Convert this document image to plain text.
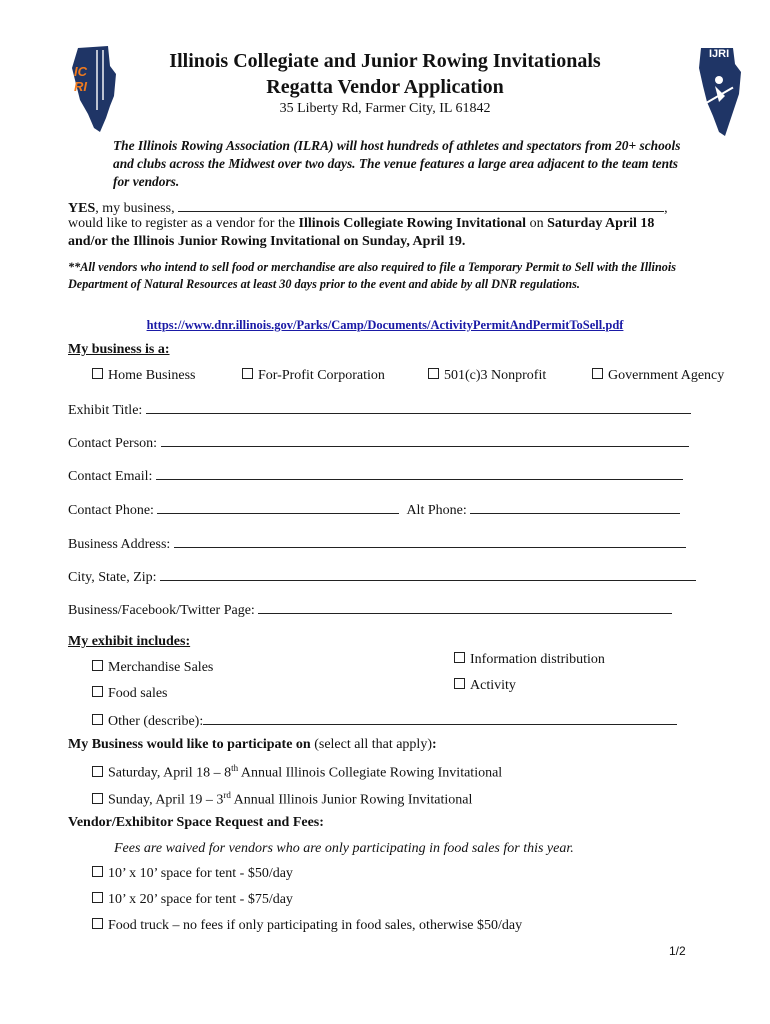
ICRI
IJRI
Illinois Collegiate and Junior Rowing Invitationals
Regatta Vendor Application
35 Liberty Rd, Farmer City, IL 61842
The Illinois Rowing Association (ILRA) will host hundreds of athletes and spectators from 20+ schools and clubs across the Midwest over two days. The venue features a large area adjacent to the team tents for vendors.
YES, my business,	,
would like to register as a vendor for the Illinois Collegiate Rowing Invitational on Saturday April 18
and/or the Illinois Junior Rowing Invitational on Sunday, April 19.
**All vendors who intend to sell food or merchandise are also required to file a Temporary Permit to Sell with the Illinois Department of Natural Resources at least 30 days prior to the event and abide by all DNR regulations.
https://www.dnr.illinois.gov/Parks/Camp/Documents/ActivityPermitAndPermitToSell.pdf
My business is a:
Home Business	For-Profit Corporation	501(c)3 Nonprofit	Government Agency
Exhibit Title:
Contact Person:
Contact Email:
Contact Phone:	Alt Phone:
Business Address:
City, State, Zip:
Business/Facebook/Twitter Page:
My exhibit includes:
Merchandise Sales
Food sales
Information distribution
Activity
Other (describe):
My Business would like to participate on (select all that apply):
Saturday, April 18 – 8th Annual Illinois Collegiate Rowing Invitational
Sunday, April 19 – 3rd Annual Illinois Junior Rowing Invitational
Vendor/Exhibitor Space Request and Fees:
Fees are waived for vendors who are only participating in food sales for this year.
10’ x 10’ space for tent - $50/day
10’ x 20’ space for tent - $75/day
Food truck – no fees if only participating in food sales, otherwise $50/day
1/2
